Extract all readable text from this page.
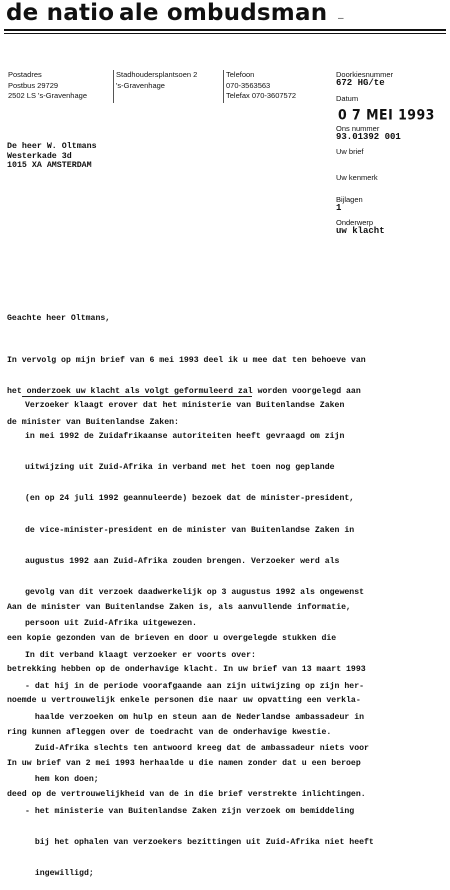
de natio ale ombudsman –
Postadres
Postbus 29729
2502 LS 's-Gravenhage
Stadhoudersplantsoen 2
's-Gravenhage
Telefoon
070-3563563
Telefax 070-3607572
Doorkiesnummer
672 HG/te
Datum
0 7 MEI 1993
Ons nummer
93.01392 001
Uw brief
Uw kenmerk
Bijlagen
1
Onderwerp
uw klacht
De heer W. Oltmans
Westerkade 3d
1015 XA AMSTERDAM
Geachte heer Oltmans,

In vervolg op mijn brief van 6 mei 1993 deel ik u mee dat ten behoeve van

het onderzoek uw klacht als volgt geformuleerd zal worden voorgelegd aan

de minister van Buitenlandse Zaken:

Verzoeker klaagt erover dat het ministerie van Buitenlandse Zaken

in mei 1992 de Zuidafrikaanse autoriteiten heeft gevraagd om zijn

uitwijzing uit Zuid-Afrika in verband met het toen nog geplande

(en op 24 juli 1992 geannuleerde) bezoek dat de minister-president,

de vice-minister-president en de minister van Buitenlandse Zaken in

augustus 1992 aan Zuid-Afrika zouden brengen. Verzoeker werd als

gevolg van dit verzoek daadwerkelijk op 3 augustus 1992 als ongewenst

persoon uit Zuid-Afrika uitgewezen.

In dit verband klaagt verzoeker er voorts over:

- dat hij in de periode voorafgaande aan zijn uitwijzing op zijn her-

haalde verzoeken om hulp en steun aan de Nederlandse ambassadeur in

Zuid-Afrika slechts ten antwoord kreeg dat de ambassadeur niets voor

hem kon doen;

- het ministerie van Buitenlandse Zaken zijn verzoek om bemiddeling

bij het ophalen van verzoekers bezittingen uit Zuid-Afrika niet heeft

ingewilligd;

Aan de minister van Buitenlandse Zaken is, als aanvullende informatie,

een kopie gezonden van de brieven en door u overgelegde stukken die

betrekking hebben op de onderhavige klacht. In uw brief van 13 maart 1993

noemde u vertrouwelijk enkele personen die naar uw opvatting een verkla-

ring kunnen afleggen over de toedracht van de onderhavige kwestie.

In uw brief van 2 mei 1993 herhaalde u die namen zonder dat u een beroep

deed op de vertrouwelijkheid van de in die brief verstrekte inlichtingen.
